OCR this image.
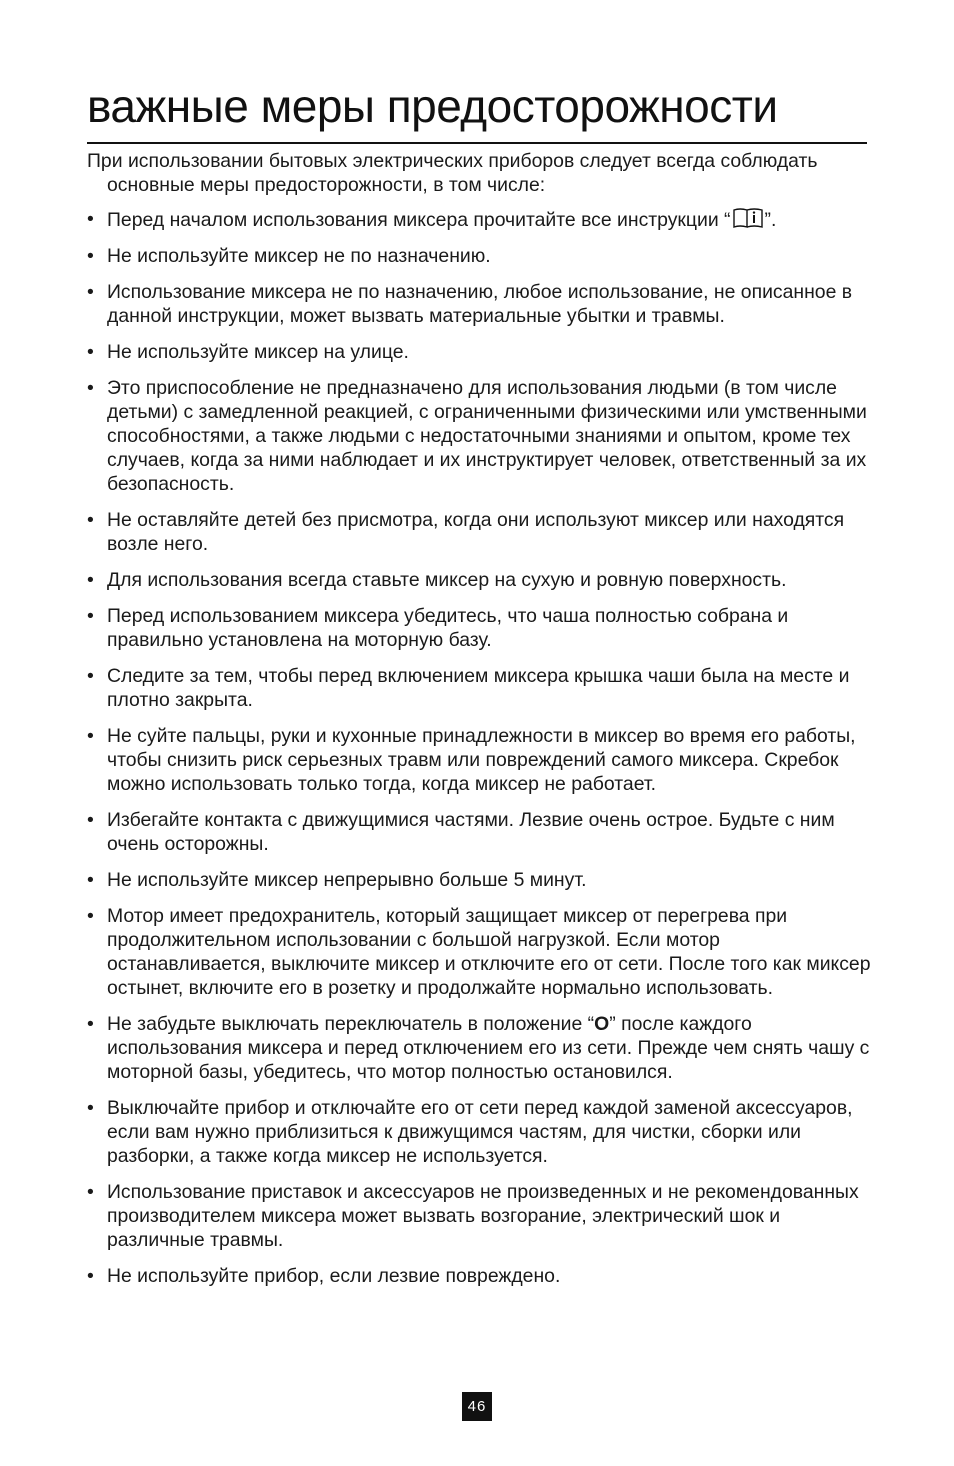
важные меры предосторожности

При использовании бытовых электрических приборов следует всегда соблюдать основные меры предосторожности, в том числе:

• Перед началом использования миксера прочитайте все инструкции “ ”.
• Не используйте миксер не по назначению.
• Использование миксера не по назначению, любое использование, не описанное в данной инструкции, может вызвать материальные убытки и травмы.
• Не используйте миксер на улице.
• Это приспособление не предназначено для использования людьми (в том числе детьми) с замедленной реакцией, с ограниченными физическими или умственными способностями, а также людьми с недостаточными знаниями и опытом, кроме тех случаев, когда за ними наблюдает и их инструктирует человек, ответственный за их безопасность.
• Не оставляйте детей без присмотра, когда они используют миксер или находятся возле него.
• Для использования всегда ставьте миксер на сухую и ровную поверхность.
• Перед использованием миксера убедитесь, что чаша полностью собрана и правильно установлена на моторную базу.
• Следите за тем, чтобы перед включением миксера крышка чаши была на месте и плотно закрыта.
• Не суйте пальцы, руки и кухонные принадлежности в миксер во время его работы, чтобы снизить риск серьезных травм или повреждений самого миксера. Скребок можно использовать только тогда, когда миксер не работает.
• Избегайте контакта с движущимися частями. Лезвие очень острое. Будьте с ним очень осторожны.
• Не используйте миксер непрерывно больше 5 минут.
• Мотор имеет предохранитель, который защищает миксер от перегрева при продолжительном использовании с большой нагрузкой. Если мотор останавливается, выключите миксер и отключите его от сети. После того как миксер остынет, включите его в розетку и продолжайте нормально использовать.
• Не забудьте выключать переключатель в положение “O” после каждого использования миксера и перед отключением его из сети. Прежде чем снять чашу с моторной базы, убедитесь, что мотор полностью остановился.
• Выключайте прибор и отключайте его от сети перед каждой заменой аксессуаров, если вам нужно приблизиться к движущимся частям, для чистки, сборки или разборки, а также когда миксер не используется.
• Использование приставок и аксессуаров не произведенных и не рекомендованных производителем миксера может вызвать возгорание, электрический шок и различные травмы.
• Не используйте прибор, если лезвие повреждено.
46
